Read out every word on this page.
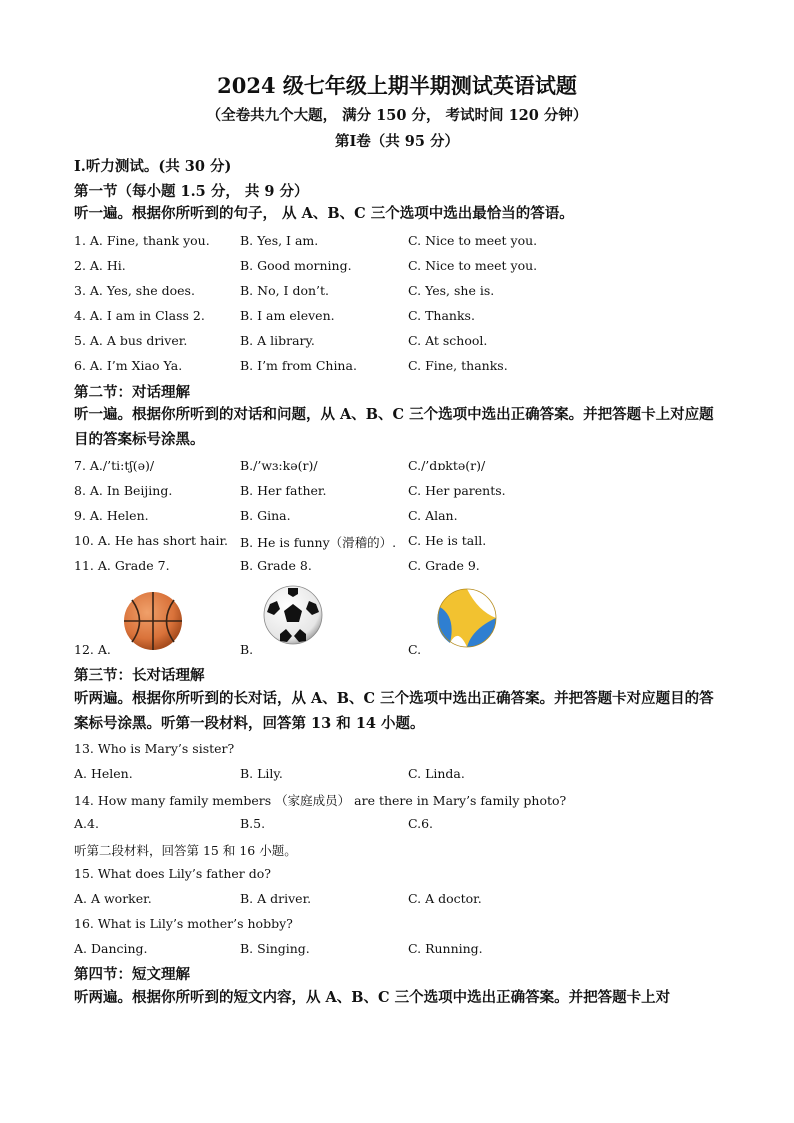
2024 级七年级上期半期测试英语试题
（全卷共九个大题， 满分 150 分， 考试时间 120 分钟）
第Ⅰ卷（共 95 分）
Ⅰ.听力测试。(共 30 分)
第一节（每小题 1.5 分， 共 9 分）
听一遍。根据你所听到的句子， 从 A、B、C 三个选项中选出最恰当的答语。
1. A. Fine, thank you. B. Yes, I am.	C. Nice to meet you.
2. A. Hi.	B. Good morning.	C. Nice to meet you.
3. A. Yes, she does.	B. No, I don’t.	C. Yes, she is.
4. A. I am in Class 2.	B. I am eleven.	C. Thanks.
5. A. A bus driver.	B. A library.	C. At school.
6. A. I’m Xiao Ya.	B. I’m from China.	C. Fine, thanks.
第二节：对话理解
听一遍。根据你所听到的对话和问题，从 A、B、C 三个选项中选出正确答案。并把答题卡上对应题目的答案标号涂黑。
7. A./’ti:tʃ(ə)/	B./’wɜ:kə(r)/	C./’dɒktə(r)/
8. A. In Beijing.	B. Her father.	C. Her parents.
9. A. Helen.	B. Gina.	C. Alan.
10. A. He has short hair. B. He is funny（滑稽的）. C. He is tall.
11. A. Grade 7.	B. Grade 8.	C. Grade 9.
12. A.	B.	C.
第三节：长对话理解
听两遍。根据你所听到的长对话，从 A、B、C 三个选项中选出正确答案。并把答题卡对应题目的答案标号涂黑。听第一段材料，回答第 13 和 14 小题。
13. Who is Mary’s sister?
A. Helen.	B. Lily.	C. Linda.
14. How many family members （家庭成员） are there in Mary’s family photo?
A.4.	B.5.	C.6.
听第二段材料，回答第 15 和 16 小题。
15. What does Lily’s father do?
A. A worker.	B. A driver.	C. A doctor.
16. What is Lily’s mother’s hobby?
A. Dancing.	B. Singing.	C. Running.
第四节：短文理解
听两遍。根据你所听到的短文内容，从 A、B、C 三个选项中选出正确答案。并把答题卡上对
